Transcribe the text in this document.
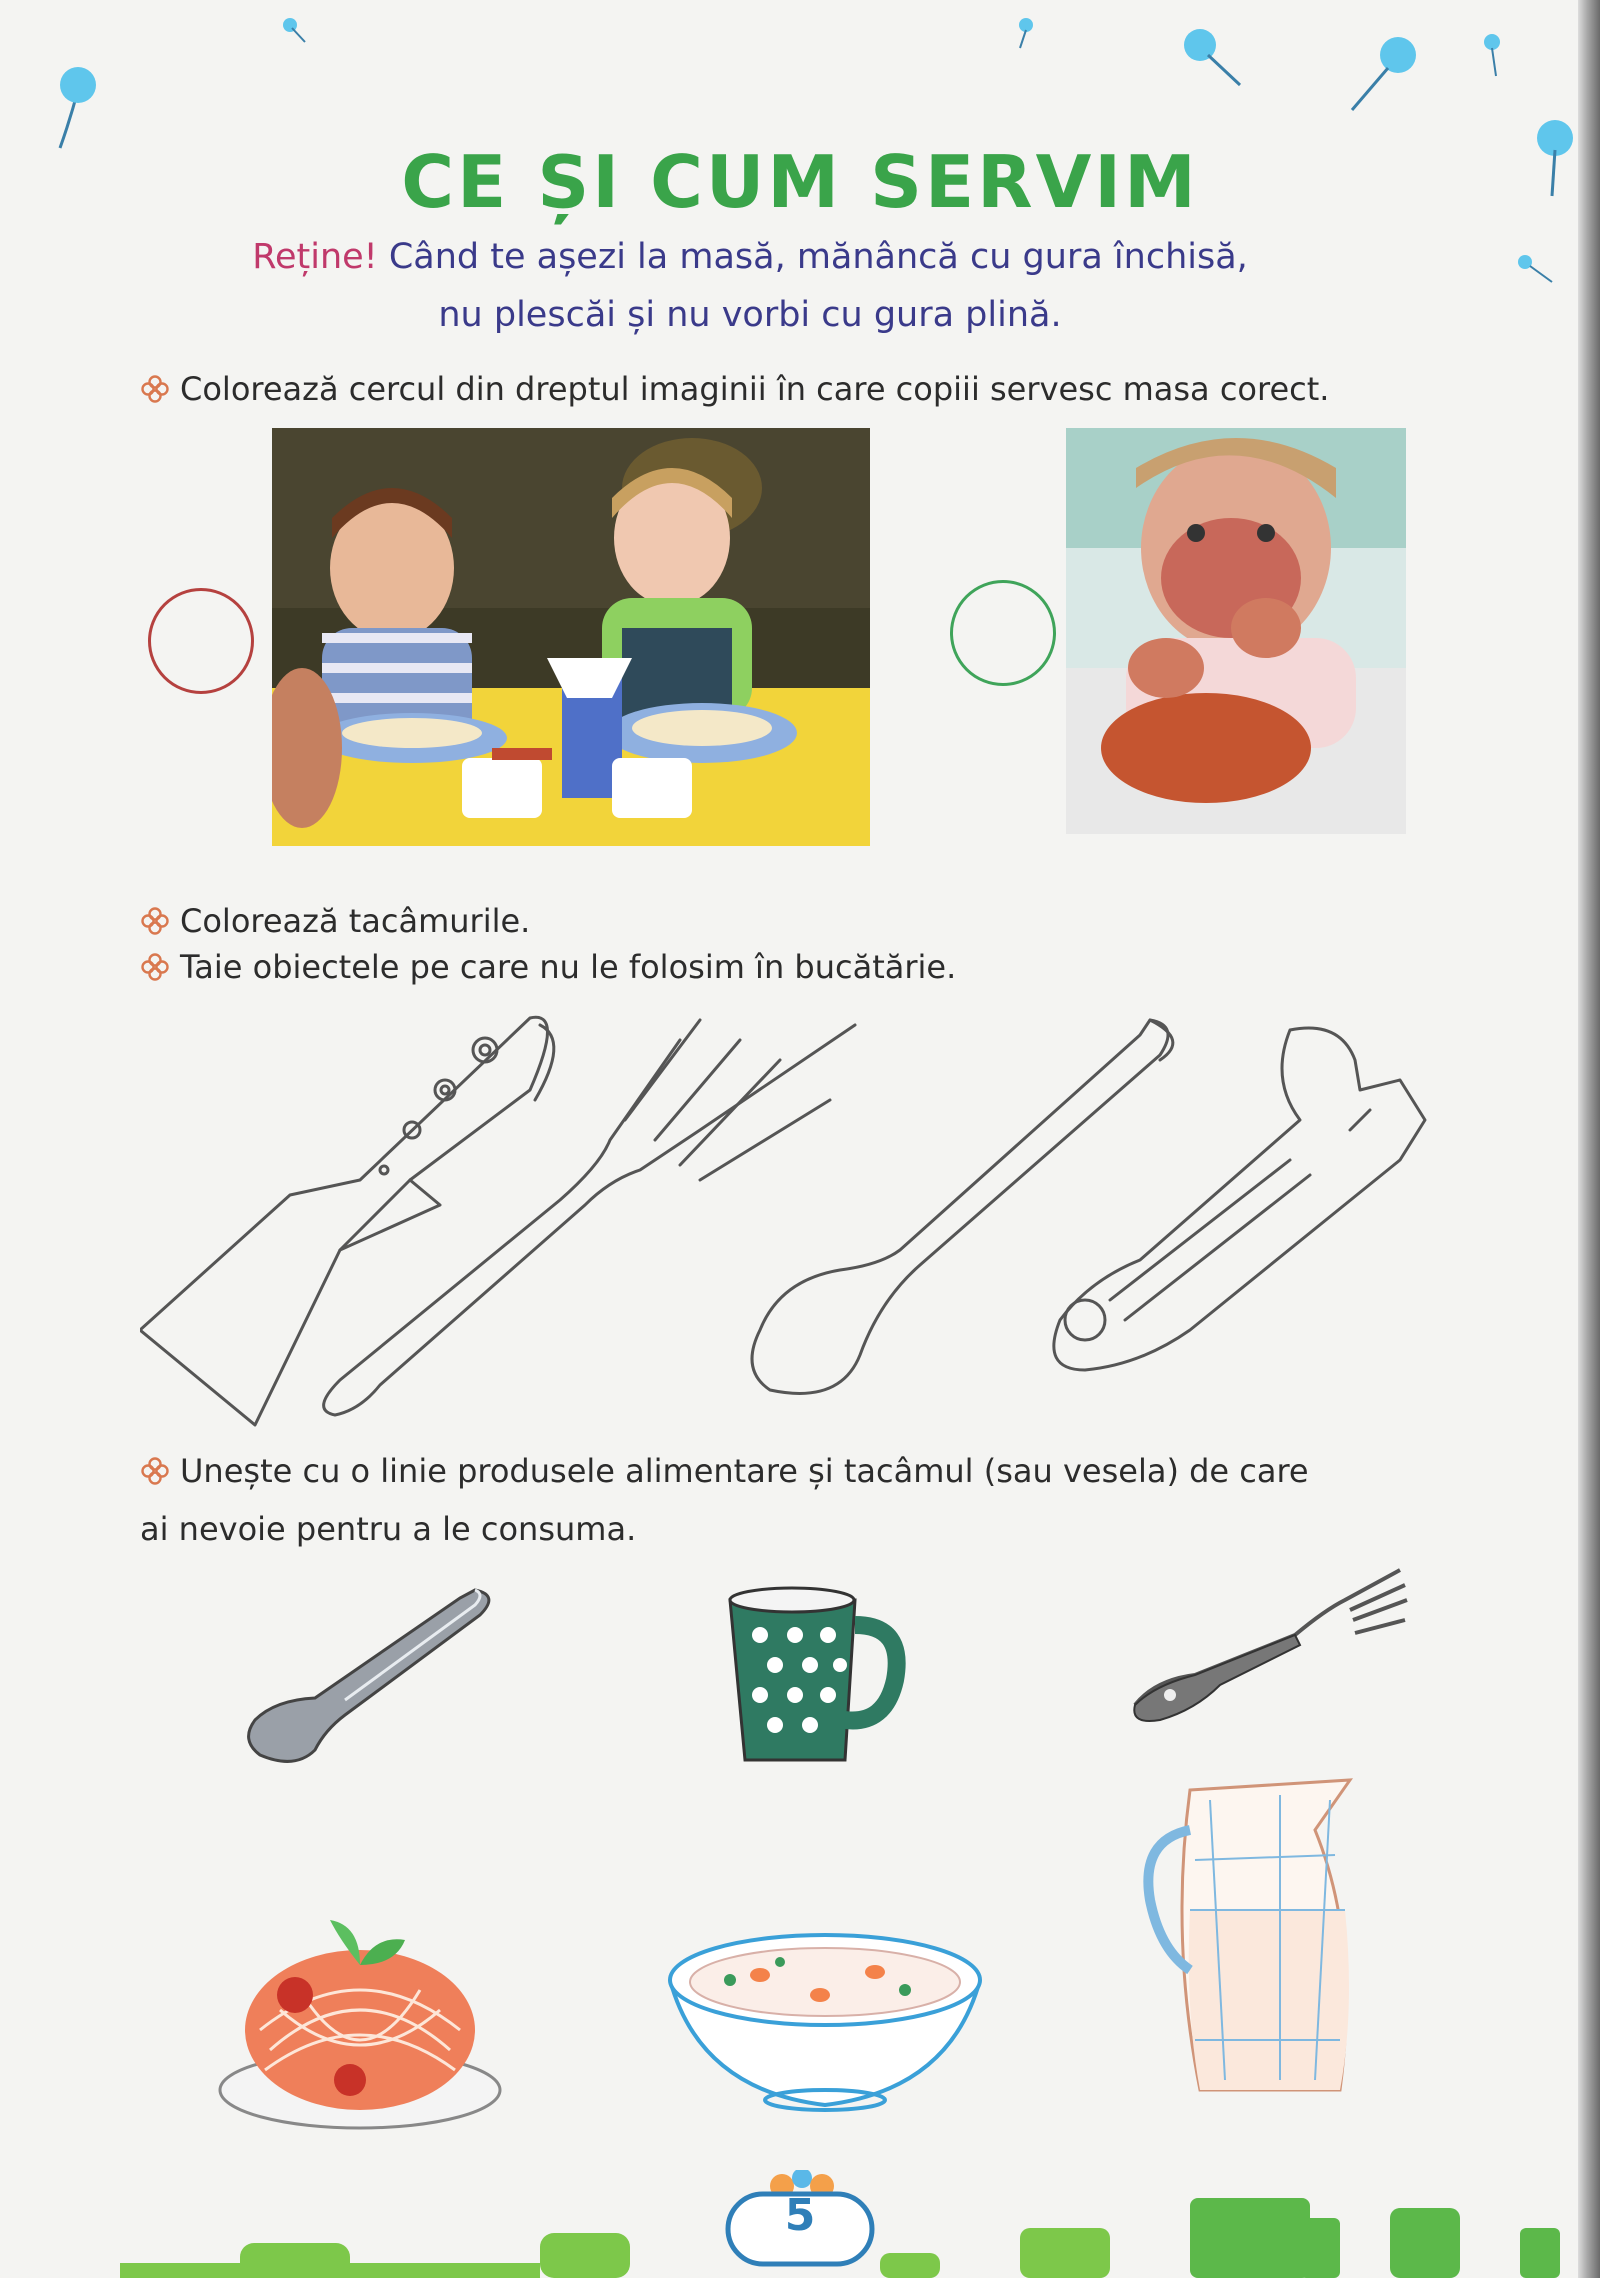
CE ȘI CUM SERVIM
Reține! Când te așezi la masă, mănâncă cu gura închisă,
nu plescăi și nu vorbi cu gura plină.
Colorează cercul din dreptul imaginii în care copiii servesc masa corect.
Colorează tacâmurile.
Taie obiectele pe care nu le folosim în bucătărie.
Unește cu o linie produsele alimentare și tacâmul (sau vesela) de care
ai nevoie pentru a le consuma.
5
